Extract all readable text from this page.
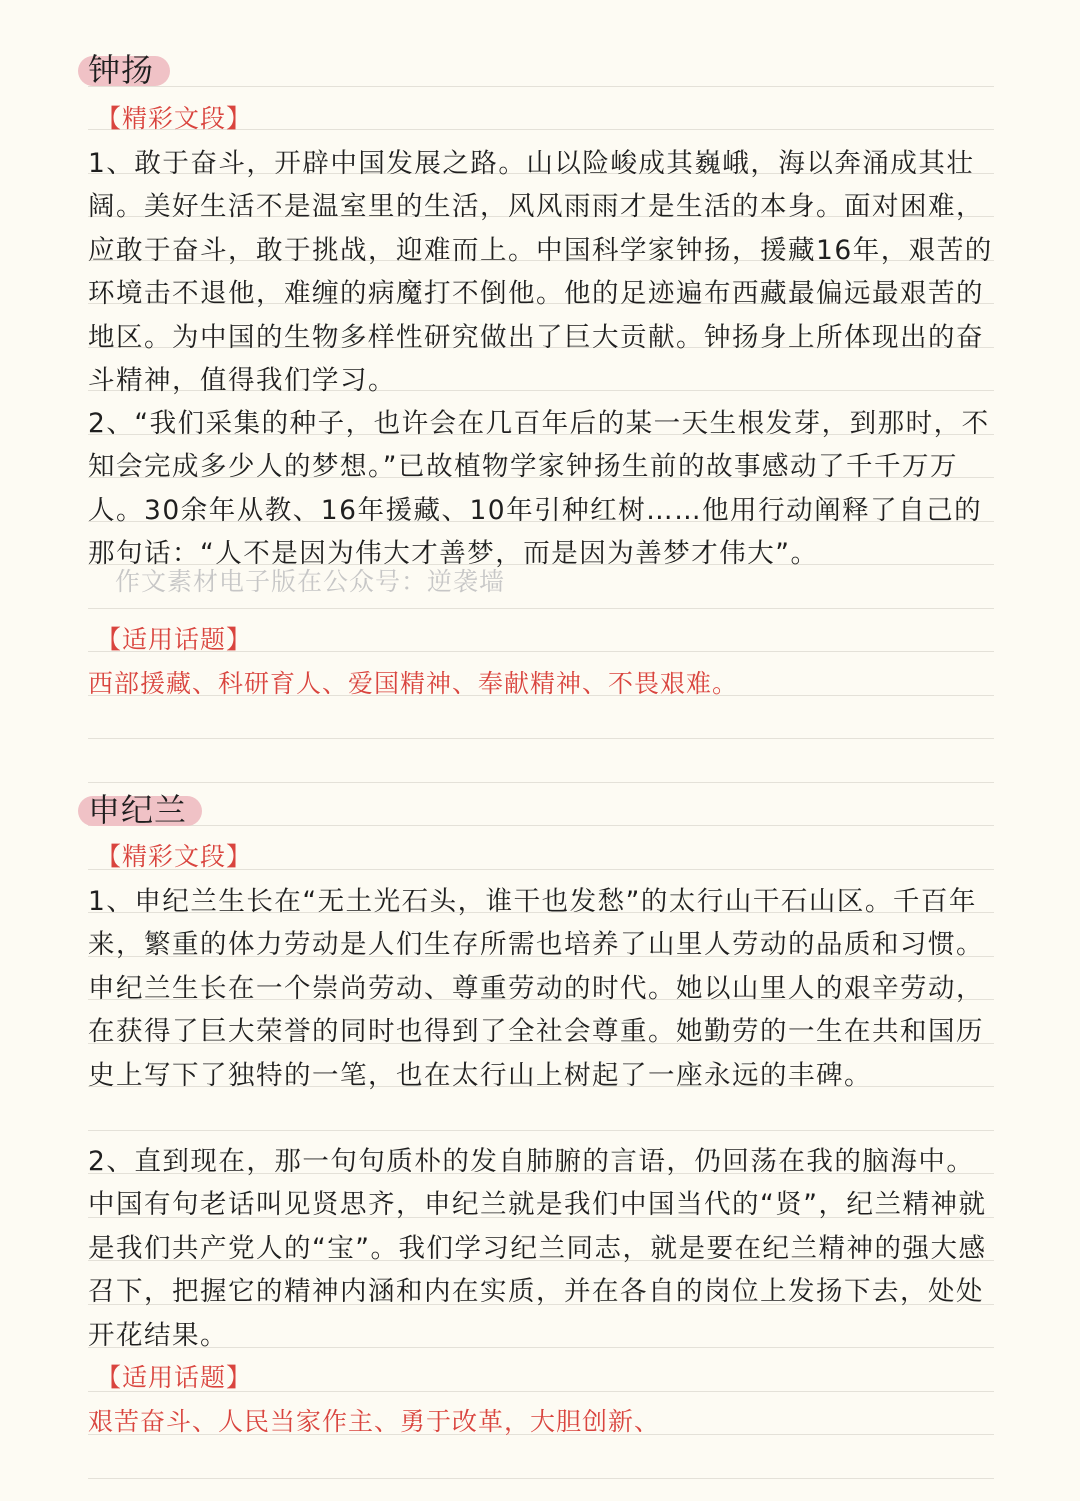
钟扬
【精彩文段】

1、敢于奋斗，开辟中国发展之路。山以险峻成其巍峨，海以奔涌成其壮阔。美好生活不是温室里的生活，风风雨雨才是生活的本身。面对困难，应敢于奋斗，敢于挑战，迎难而上。中国科学家钟扬，援藏16年，艰苦的环境击不退他，难缠的病魔打不倒他。他的足迹遍布西藏最偏远最艰苦的地区。为中国的生物多样性研究做出了巨大贡献。钟扬身上所体现出的奋斗精神，值得我们学习。

2、“我们采集的种子，也许会在几百年后的某一天生根发芽，到那时，不知会完成多少人的梦想。”已故植物学家钟扬生前的故事感动了千千万万人。30余年从教、16年援藏、10年引种红树……他用行动阐释了自己的那句话：“人不是因为伟大才善梦，而是因为善梦才伟大”。

【适用话题】
西部援藏、科研育人、爱国精神、奉献精神、不畏艰难。
作文素材电子版在公众号：逆袭墙
申纪兰
【精彩文段】

1、申纪兰生长在“无土光石头，谁干也发愁”的太行山干石山区。千百年来，繁重的体力劳动是人们生存所需也培养了山里人劳动的品质和习惯。申纪兰生长在一个崇尚劳动、尊重劳动的时代。她以山里人的艰辛劳动，在获得了巨大荣誉的同时也得到了全社会尊重。她勤劳的一生在共和国历史上写下了独特的一笔，也在太行山上树起了一座永远的丰碑。

2、直到现在，那一句句质朴的发自肺腑的言语，仍回荡在我的脑海中。中国有句老话叫见贤思齐，申纪兰就是我们中国当代的“贤”，纪兰精神就是我们共产党人的“宝”。我们学习纪兰同志，就是要在纪兰精神的强大感召下，把握它的精神内涵和内在实质，并在各自的岗位上发扬下去，处处开花结果。

【适用话题】
艰苦奋斗、人民当家作主、勇于改革，大胆创新、
